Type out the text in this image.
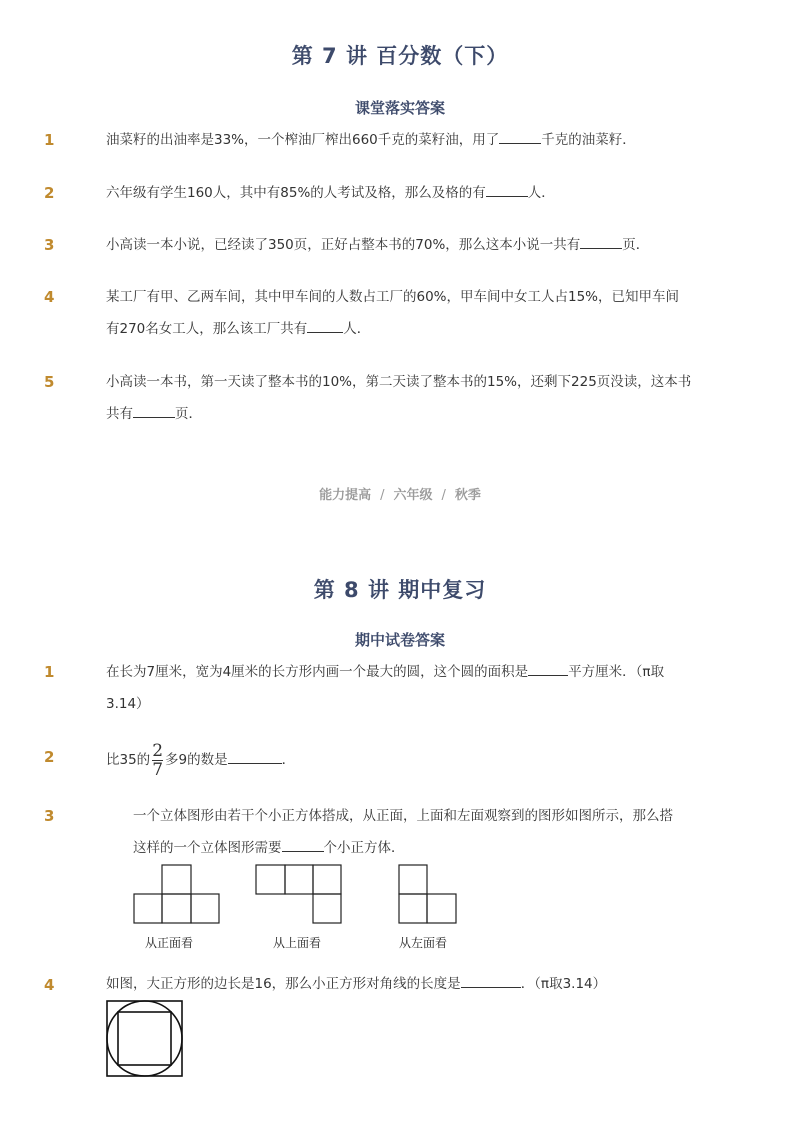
第 7 讲 百分数（下）
课堂落实答案
1	油菜籽的出油率是33%，一个榨油厂榨出660千克的菜籽油，用了	千克的油菜籽．
2	六年级有学生160人，其中有85%的人考试及格，那么及格的有	人．
3	小高读一本小说，已经读了350页，正好占整本书的70%，那么这本小说一共有	页．
4	某工厂有甲、乙两车间，其中甲车间的人数占工厂的60%，甲车间中女工人占15%，已知甲车间
有270名女工人，那么该工厂共有	人．
5	小高读一本书，第一天读了整本书的10%，第二天读了整本书的15%，还剩下225页没读，这本书
共有	页．
能力提高 / 六年级 / 秋季
第 8 讲 期中复习
期中试卷答案
1	在长为7厘米，宽为4厘米的长方形内画一个最大的圆，这个圆的面积是	平方厘米．（π取
3.14）
2	比35的 $\frac{2}{7}$ 多9的数是	．
3	一个立体图形由若干个小正方体搭成，从正面，上面和左面观察到的图形如图所示，那么搭
这样的一个立体图形需要	个小正方体．
从正面看	从上面看	从左面看
4	如图，大正方形的边长是16，那么小正方形对角线的长度是	．（π取3.14）
